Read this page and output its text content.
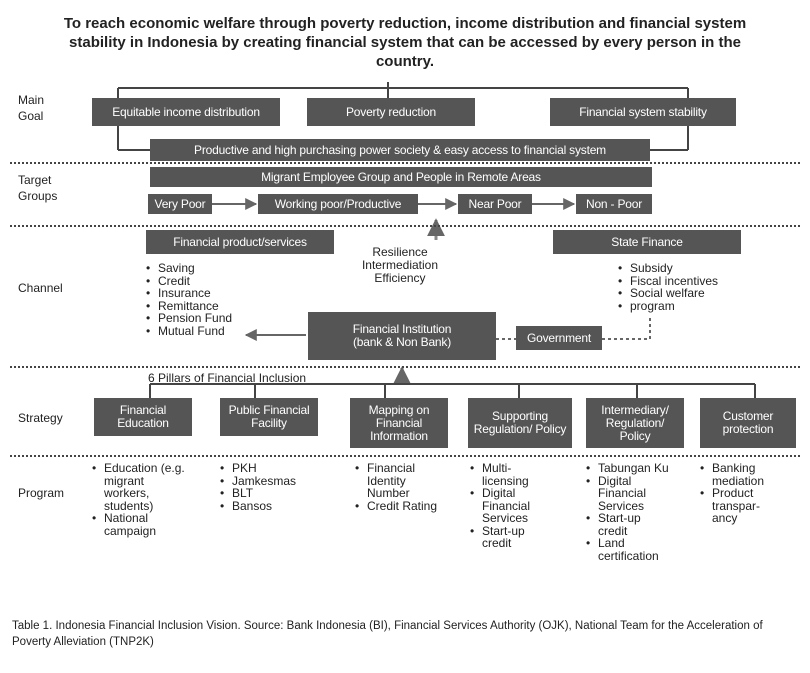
To reach economic welfare through poverty reduction, income distribution and financial system stability in Indonesia by creating financial system that can be accessed by every person in the country.
Main Goal
Target Groups
Channel
Strategy
Program
Equitable income distribution	Poverty reduction	Financial system stability
Productive and high purchasing power society & easy access to financial system
Migrant Employee Group and People in Remote Areas
Very Poor	Working poor/Productive	Near Poor	Non - Poor
Financial product/services
• Saving
• Credit
• Insurance
• Remittance
• Pension Fund
• Mutual Fund
Resilience Intermediation Efficiency
Financial Institution (bank & Non Bank)	Government
State Finance
• Subsidy
• Fiscal incentives
• Social welfare
• program
6 Pillars of Financial Inclusion
Financial Education
Public Financial Facility
Mapping on Financial Information
Supporting Regulation/ Policy
Intermediary/ Regulation/ Policy
Customer protection
• Education (e.g. migrant workers, students)
• National campaign
• PKH
• Jamkesmas
• BLT
• Bansos
• Financial Identity Number
• Credit Rating
• Multi-licensing
• Digital Financial Services
• Start-up credit
• Tabungan Ku
• Digital Financial Services
• Start-up credit
• Land certification
• Banking mediation
• Product transpar-ancy
Table 1. Indonesia Financial Inclusion Vision. Source: Bank Indonesia (BI), Financial Services Authority (OJK), National Team for the Acceleration of Poverty Alleviation (TNP2K)
